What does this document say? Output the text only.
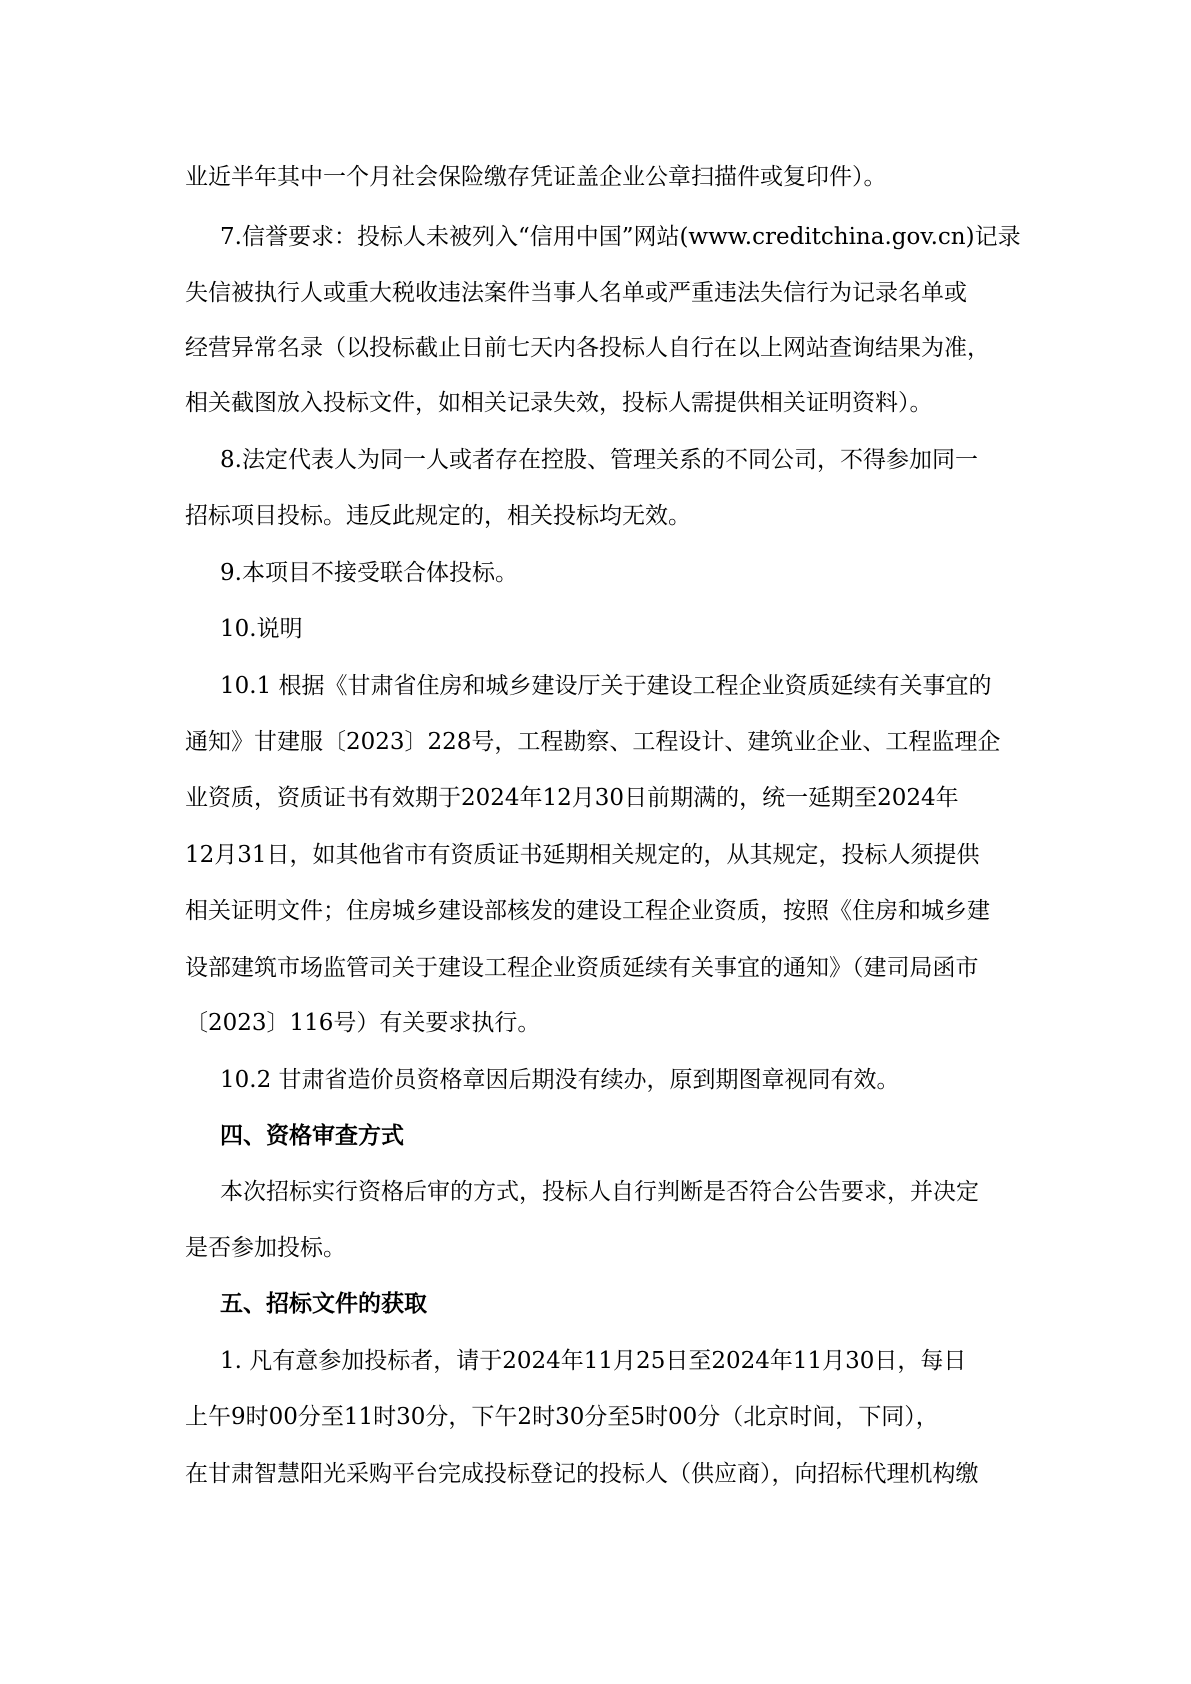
业近半年其中一个月社会保险缴存凭证盖企业公章扫描件或复印件）。
7.信誉要求：投标人未被列入“信用中国”网站(www.creditchina.gov.cn)记录
失信被执行人或重大税收违法案件当事人名单或严重违法失信行为记录名单或
经营异常名录（以投标截止日前七天内各投标人自行在以上网站查询结果为准，
相关截图放入投标文件，如相关记录失效，投标人需提供相关证明资料）。
8.法定代表人为同一人或者存在控股、管理关系的不同公司，不得参加同一
招标项目投标。违反此规定的，相关投标均无效。
9.本项目不接受联合体投标。
10.说明
10.1 根据《甘肃省住房和城乡建设厅关于建设工程企业资质延续有关事宜的
通知》甘建服〔2023〕228号，工程勘察、工程设计、建筑业企业、工程监理企
业资质，资质证书有效期于2024年12月30日前期满的，统一延期至2024年
12月31日，如其他省市有资质证书延期相关规定的，从其规定，投标人须提供
相关证明文件；住房城乡建设部核发的建设工程企业资质，按照《住房和城乡建
设部建筑市场监管司关于建设工程企业资质延续有关事宜的通知》（建司局函市
〔2023〕116号）有关要求执行。
10.2 甘肃省造价员资格章因后期没有续办，原到期图章视同有效。
四、资格审查方式
本次招标实行资格后审的方式，投标人自行判断是否符合公告要求，并决定
是否参加投标。
五、招标文件的获取
1. 凡有意参加投标者，请于2024年11月25日至2024年11月30日，每日
上午9时00分至11时30分，下午2时30分至5时00分（北京时间，下同），
在甘肃智慧阳光采购平台完成投标登记的投标人（供应商），向招标代理机构缴
